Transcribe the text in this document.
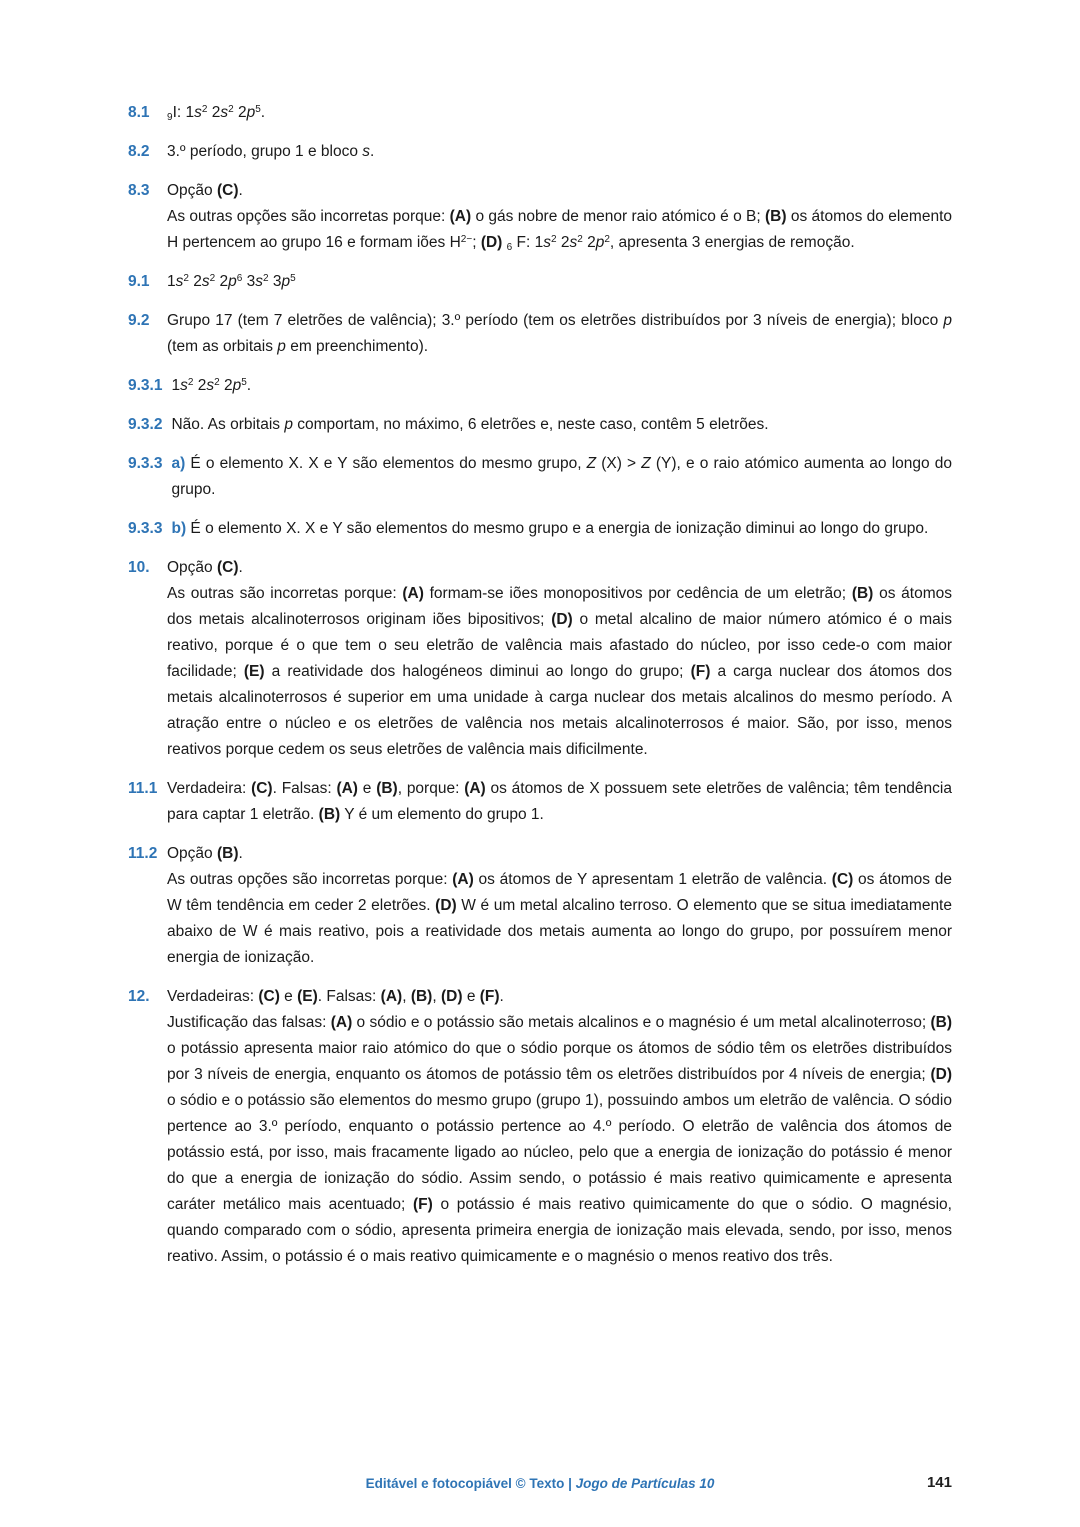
8.1	$_9$I: $1s^2$ $2s^2$ $2p^5$.

8.2	3.º período, grupo 1 e bloco s.

8.3	Opção (C).

As outras opções são incorretas porque: (A) o gás nobre de menor raio atómico é o B; (B) os átomos do elemento H pertencem ao grupo 16 e formam iões $H^{2-}$; (D) $_6$ F: $1s^2$ $2s^2$ $2p^2$, apresenta 3 energias de remoção.

9.1	$1s^2$ $2s^2$ $2p^6$ $3s^2$ $3p^5$

9.2	Grupo 17 (tem 7 eletrões de valência); 3.º período (tem os eletrões distribuídos por 3 níveis de energia); bloco p (tem as orbitais p em preenchimento).

9.3.1 $1s^2$ $2s^2$ $2p^5$.

9.3.2 Não. As orbitais p comportam, no máximo, 6 eletrões e, neste caso, contêm 5 eletrões.

9.3.3 a) É o elemento X. X e Y são elementos do mesmo grupo, Z (X) > Z (Y), e o raio atómico aumenta ao longo do grupo.

9.3.3 b) É o elemento X. X e Y são elementos do mesmo grupo e a energia de ionização diminui ao longo do grupo.

10.	Opção (C).

As outras são incorretas porque: (A) formam-se iões monopositivos por cedência de um eletrão; (B) os átomos dos metais alcalinoterrosos originam iões bipositivos; (D) o metal alcalino de maior número atómico é o mais reativo, porque é o que tem o seu eletrão de valência mais afastado do núcleo, por isso cede-o com maior facilidade; (E) a reatividade dos halogéneos diminui ao longo do grupo; (F) a carga nuclear dos átomos dos metais alcalinoterrosos é superior em uma unidade à carga nuclear dos metais alcalinos do mesmo período. A atração entre o núcleo e os eletrões de valência nos metais alcalinoterrosos é maior. São, por isso, menos reativos porque cedem os seus eletrões de valência mais dificilmente.

11.1 Verdadeira: (C). Falsas: (A) e (B), porque: (A) os átomos de X possuem sete eletrões de valência; têm tendência para captar 1 eletrão. (B) Y é um elemento do grupo 1.

11.2 Opção (B).

As outras opções são incorretas porque: (A) os átomos de Y apresentam 1 eletrão de valência. (C) os átomos de W têm tendência em ceder 2 eletrões. (D) W é um metal alcalino terroso. O elemento que se situa imediatamente abaixo de W é mais reativo, pois a reatividade dos metais aumenta ao longo do grupo, por possuírem menor energia de ionização.

12.	Verdadeiras: (C) e (E). Falsas: (A), (B), (D) e (F).

Justificação das falsas: (A) o sódio e o potássio são metais alcalinos e o magnésio é um metal alcalinoterroso; (B) o potássio apresenta maior raio atómico do que o sódio porque os átomos de sódio têm os eletrões distribuídos por 3 níveis de energia, enquanto os átomos de potássio têm os eletrões distribuídos por 4 níveis de energia; (D) o sódio e o potássio são elementos do mesmo grupo (grupo 1), possuindo ambos um eletrão de valência. O sódio pertence ao 3.º período, enquanto o potássio pertence ao 4.º período. O eletrão de valência dos átomos de potássio está, por isso, mais fracamente ligado ao núcleo, pelo que a energia de ionização do potássio é menor do que a energia de ionização do sódio. Assim sendo, o potássio é mais reativo quimicamente e apresenta caráter metálico mais acentuado; (F) o potássio é mais reativo quimicamente do que o sódio. O magnésio, quando comparado com o sódio, apresenta primeira energia de ionização mais elevada, sendo, por isso, menos reativo. Assim, o potássio é o mais reativo quimicamente e o magnésio o menos reativo dos três.

Editável e fotocopiável © Texto | Jogo de Partículas 10	141
